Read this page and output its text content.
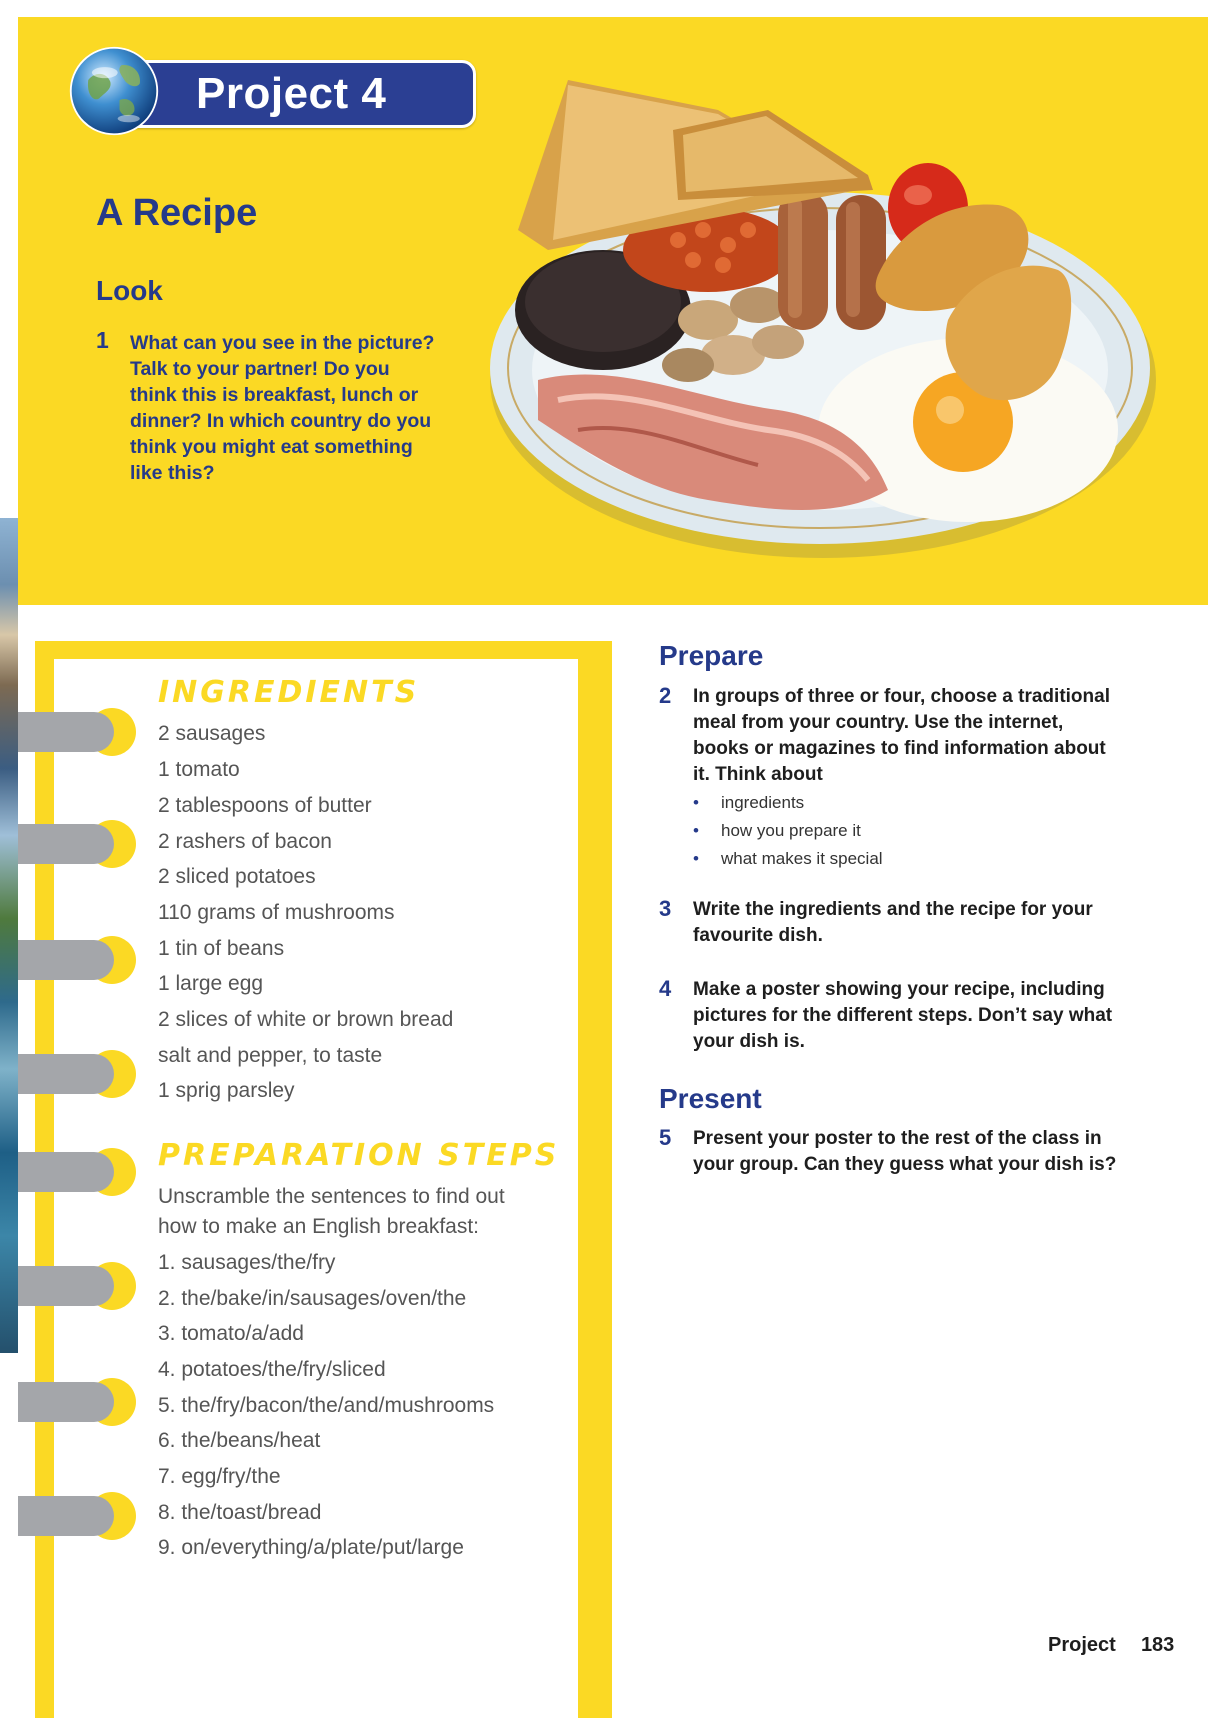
Project 4
A Recipe
Look
1 What can you see in the picture?
Talk to your partner! Do you
think this is breakfast, lunch or
dinner? In which country do you
think you might eat something
like this?
INGREDIENTS
2 sausages
1 tomato
2 tablespoons of butter
2 rashers of bacon
2 sliced potatoes
110 grams of mushrooms
1 tin of beans
1 large egg
2 slices of white or brown bread
salt and pepper, to taste
1 sprig parsley
PREPARATION STEPS
Unscramble the sentences to find out
how to make an English breakfast:
1. sausages/the/fry
2. the/bake/in/sausages/oven/the
3. tomato/a/add
4. potatoes/the/fry/sliced
5. the/fry/bacon/the/and/mushrooms
6. the/beans/heat
7. egg/fry/the
8. the/toast/bread
9. on/everything/a/plate/put/large
Prepare
2 In groups of three or four, choose a traditional
meal from your country. Use the internet,
books or magazines to find information about
it. Think about
• ingredients
• how you prepare it
• what makes it special
3 Write the ingredients and the recipe for your
favourite dish.
4 Make a poster showing your recipe, including
pictures for the different steps. Don’t say what
your dish is.
Present
5 Present your poster to the rest of the class in
your group. Can they guess what your dish is?
Project 183
